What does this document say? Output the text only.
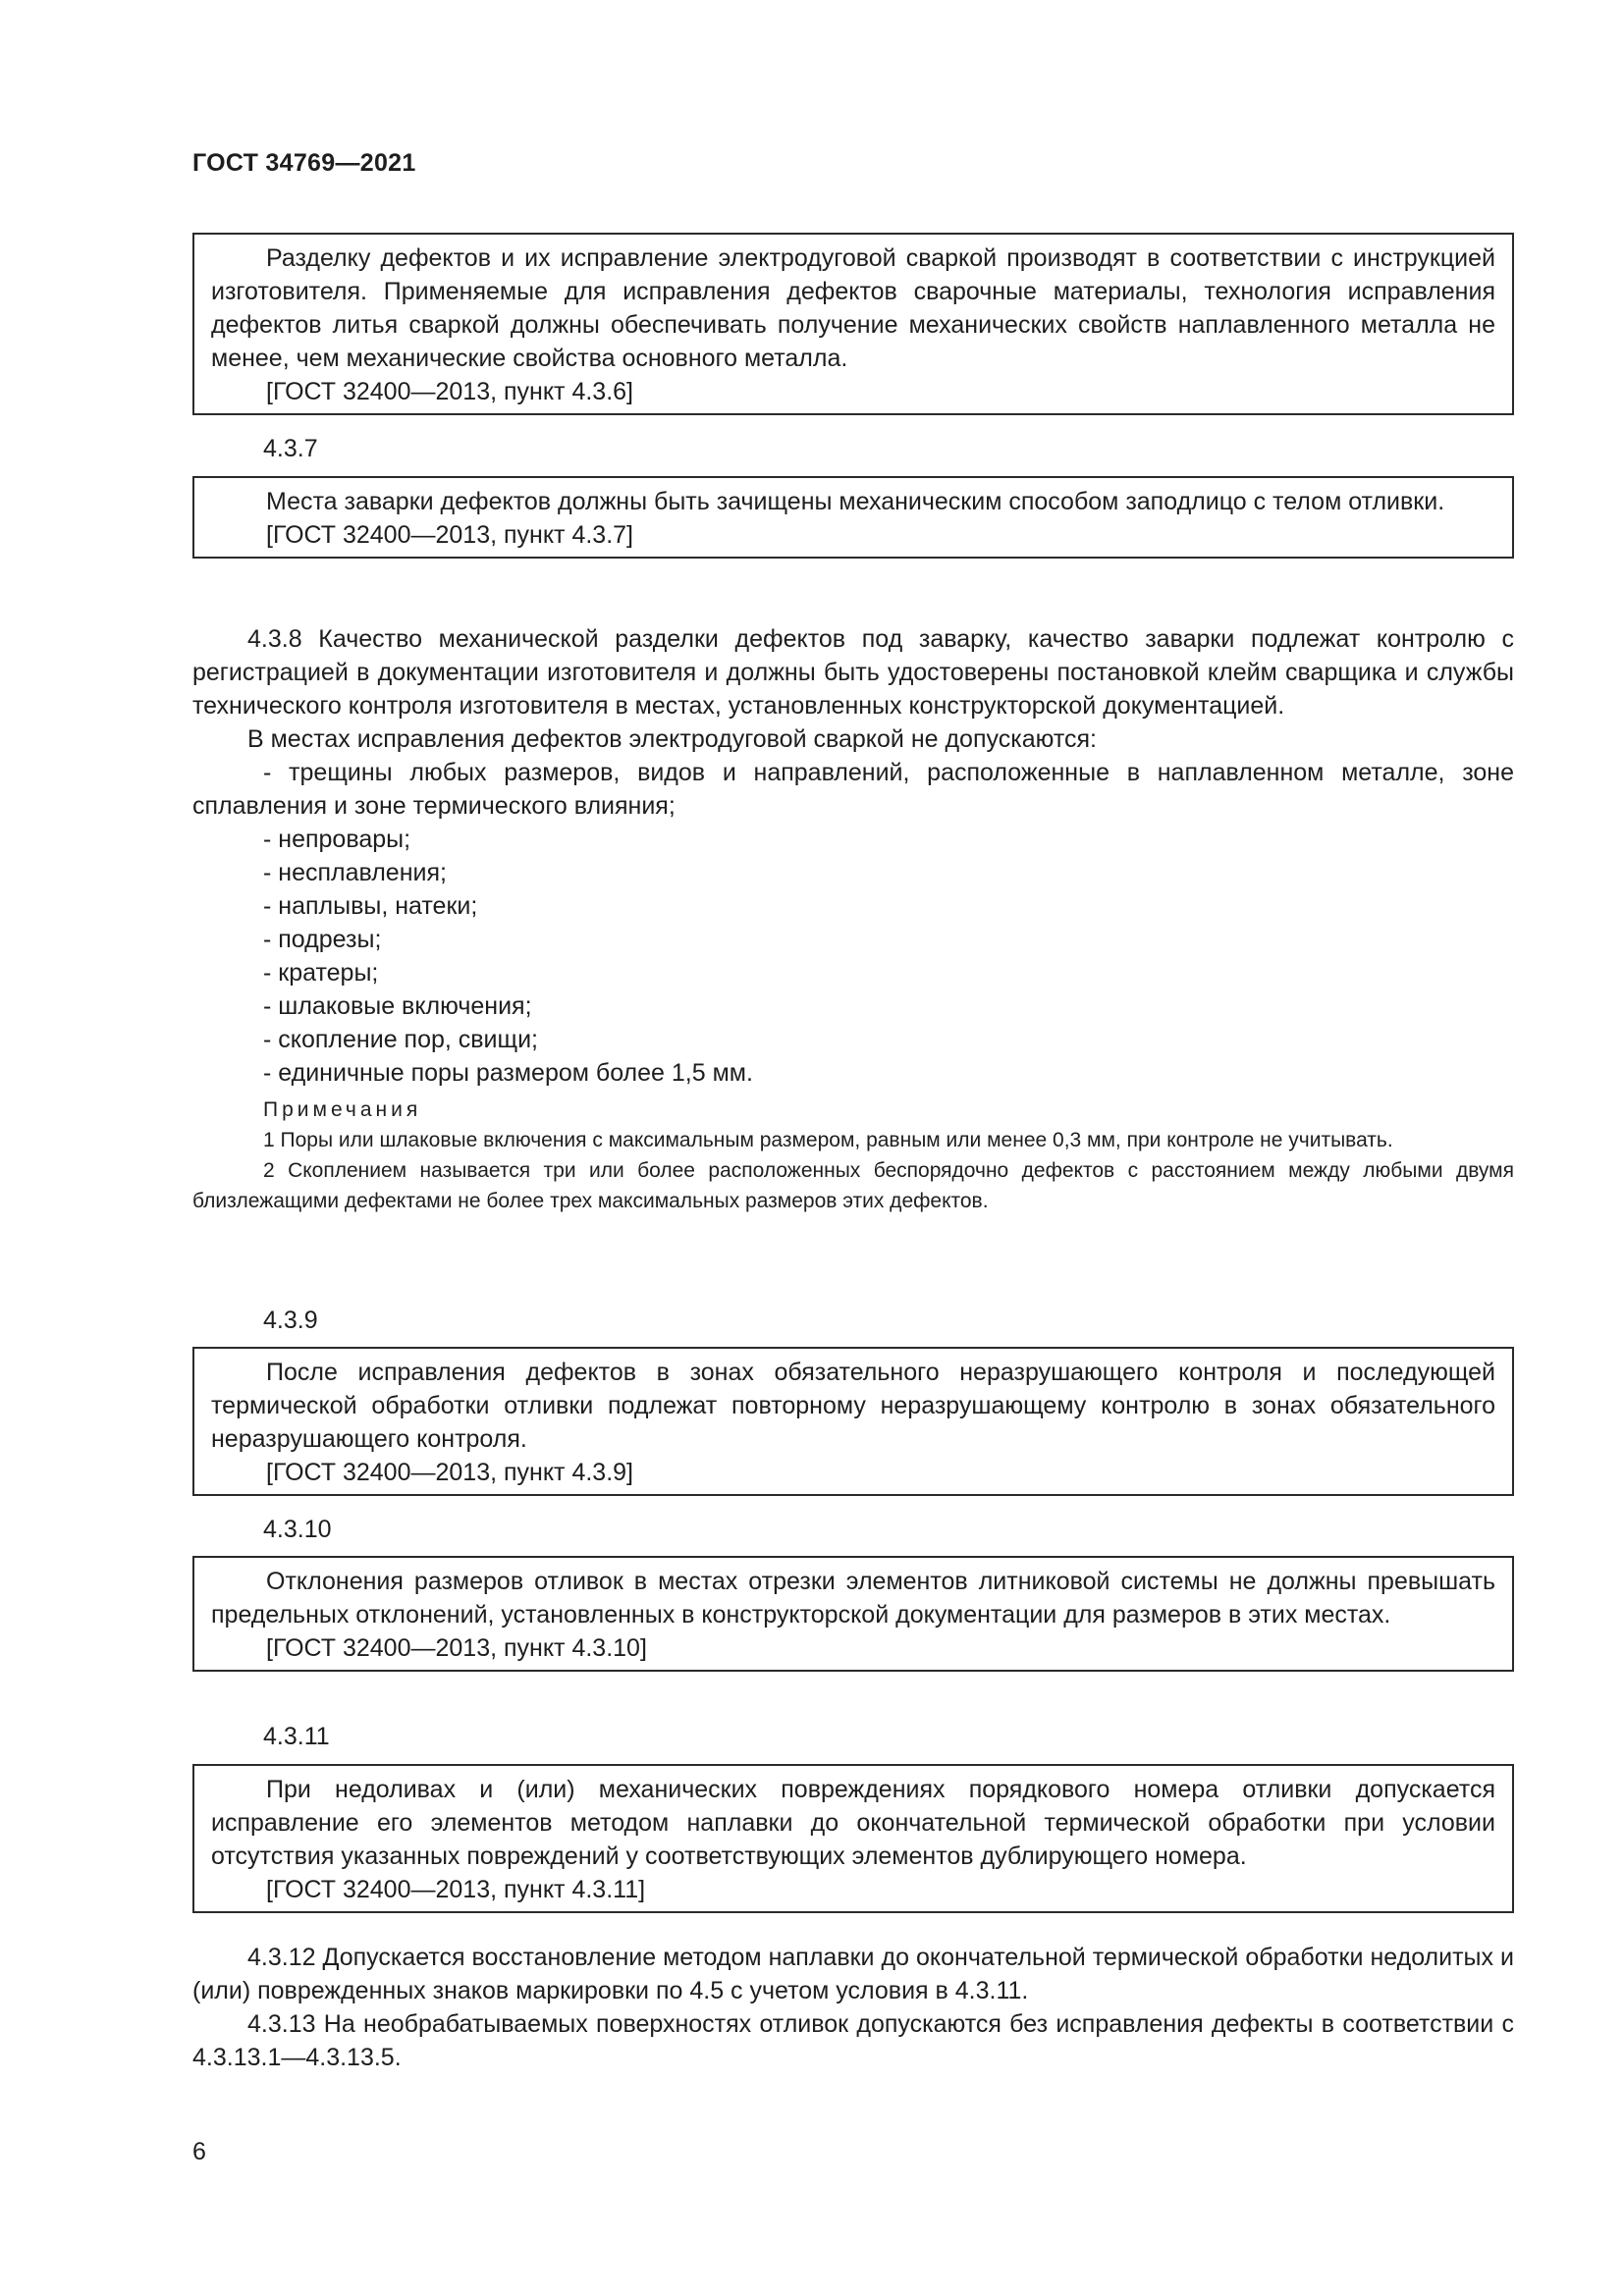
ГОСТ 34769—2021

Разделку дефектов и их исправление электродуговой сваркой производят в соответствии с инструкцией изготовителя. Применяемые для исправления дефектов сварочные материалы, технология исправления дефектов литья сваркой должны обеспечивать получение механических свойств наплавленного металла не менее, чем механические свойства основного металла.

[ГОСТ 32400—2013, пункт 4.3.6]

4.3.7

Места заварки дефектов должны быть зачищены механическим способом заподлицо с телом отливки.

[ГОСТ 32400—2013, пункт 4.3.7]

4.3.8 Качество механической разделки дефектов под заварку, качество заварки подлежат контролю с регистрацией в документации изготовителя и должны быть удостоверены постановкой клейм сварщика и службы технического контроля изготовителя в местах, установленных конструкторской документацией.

В местах исправления дефектов электродуговой сваркой не допускаются:

- трещины любых размеров, видов и направлений, расположенные в наплавленном металле, зоне сплавления и зоне термического влияния;

- непровары;

- несплавления;

- наплывы, натеки;

- подрезы;

- кратеры;

- шлаковые включения;

- скопление пор, свищи;

- единичные поры размером более 1,5 мм.

Примечания

1 Поры или шлаковые включения с максимальным размером, равным или менее 0,3 мм, при контроле не учитывать.

2 Скоплением называется три или более расположенных беспорядочно дефектов с расстоянием между любыми двумя близлежащими дефектами не более трех максимальных размеров этих дефектов.

4.3.9

После исправления дефектов в зонах обязательного неразрушающего контроля и последующей термической обработки отливки подлежат повторному неразрушающему контролю в зонах обязательного неразрушающего контроля.

[ГОСТ 32400—2013, пункт 4.3.9]

4.3.10

Отклонения размеров отливок в местах отрезки элементов литниковой системы не должны превышать предельных отклонений, установленных в конструкторской документации для размеров в этих местах.

[ГОСТ 32400—2013, пункт 4.3.10]

4.3.11

При недоливах и (или) механических повреждениях порядкового номера отливки допускается исправление его элементов методом наплавки до окончательной термической обработки при условии отсутствия указанных повреждений у соответствующих элементов дублирующего номера.

[ГОСТ 32400—2013, пункт 4.3.11]

4.3.12 Допускается восстановление методом наплавки до окончательной термической обработки недолитых и (или) поврежденных знаков маркировки по 4.5 с учетом условия в 4.3.11.

4.3.13 На необрабатываемых поверхностях отливок допускаются без исправления дефекты в соответствии с 4.3.13.1—4.3.13.5.

6
